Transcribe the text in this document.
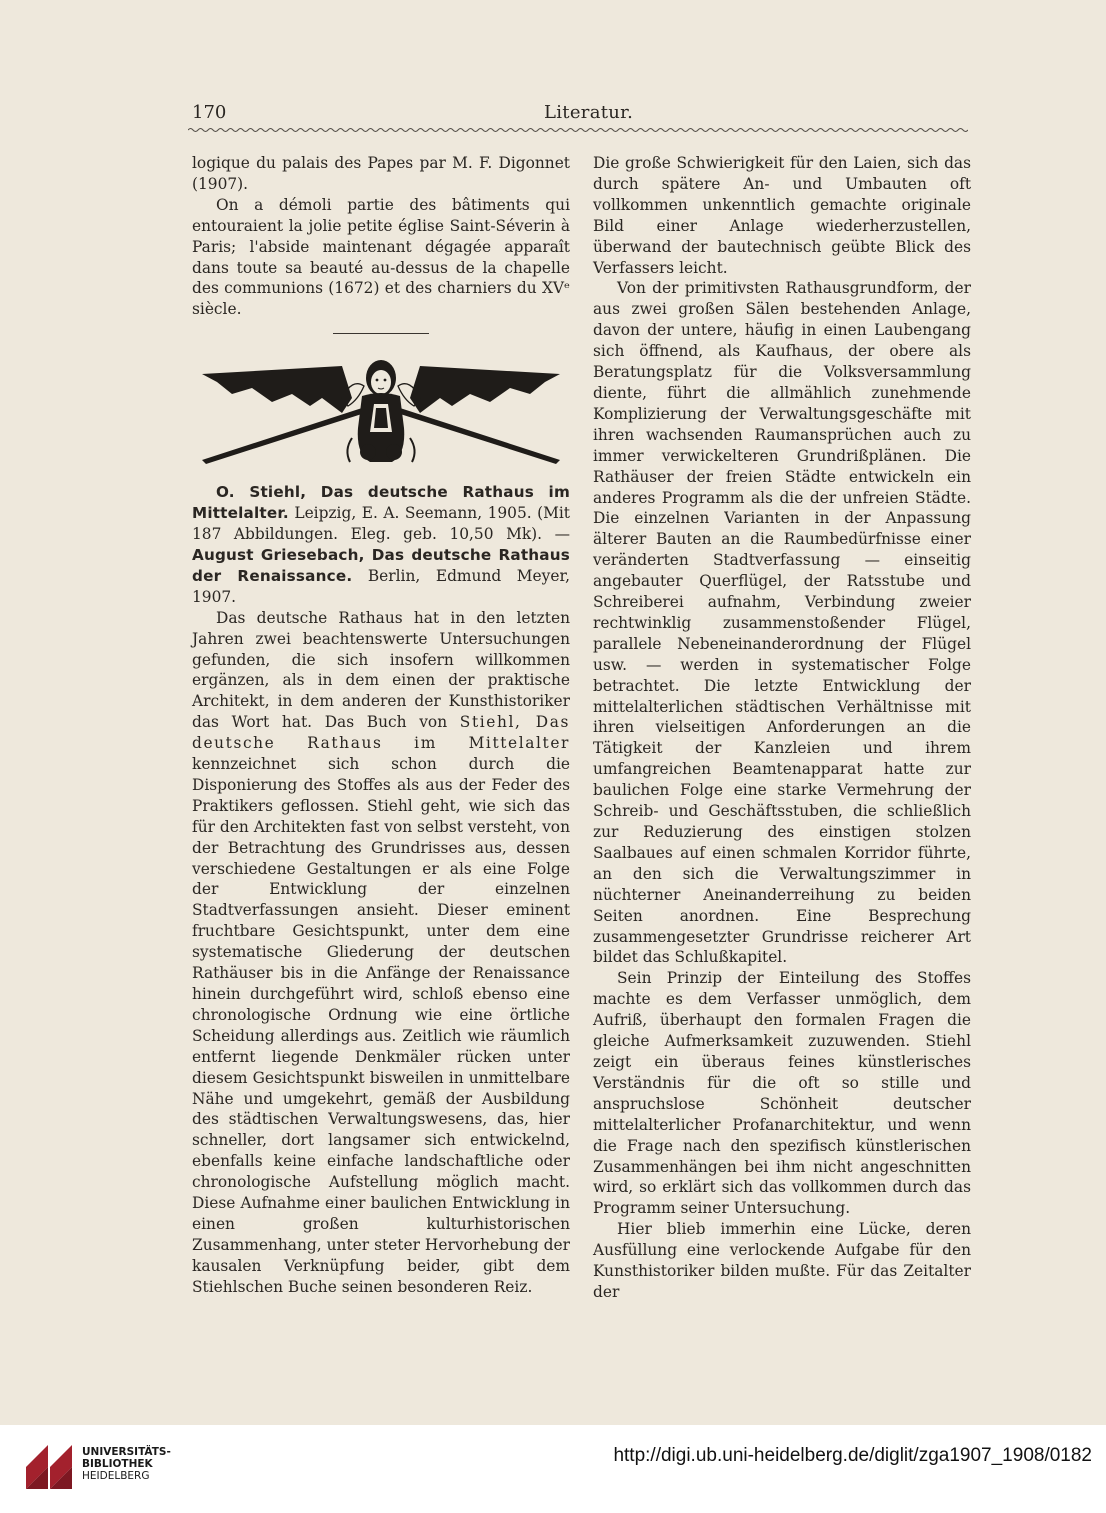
170	Literatur.

logique du palais des Papes par M. F. Digonnet (1907).

On a démoli partie des bâtiments qui entouraient la jolie petite église Saint-Séverin à Paris; l'abside maintenant dégagée apparaît dans toute sa beauté au-dessus de la chapelle des communions (1672) et des charniers du XVᵉ siècle.

O. Stiehl, Das deutsche Rathaus im Mittelalter. Leipzig, E. A. Seemann, 1905. (Mit 187 Abbildungen. Eleg. geb. 10,50 Mk). — August Griesebach, Das deutsche Rathaus der Renaissance. Berlin, Edmund Meyer, 1907.

Das deutsche Rathaus hat in den letzten Jahren zwei beachtenswerte Untersuchungen gefunden, die sich insofern willkommen ergänzen, als in dem einen der praktische Architekt, in dem anderen der Kunsthistoriker das Wort hat. Das Buch von Stiehl, Das deutsche Rathaus im Mittelalter kennzeichnet sich schon durch die Disponierung des Stoffes als aus der Feder des Praktikers geflossen. Stiehl geht, wie sich das für den Architekten fast von selbst versteht, von der Betrachtung des Grundrisses aus, dessen verschiedene Gestaltungen er als eine Folge der Entwicklung der einzelnen Stadtverfassungen ansieht. Dieser eminent fruchtbare Gesichtspunkt, unter dem eine systematische Gliederung der deutschen Rathäuser bis in die Anfänge der Renaissance hinein durchgeführt wird, schloß ebenso eine chronologische Ordnung wie eine örtliche Scheidung allerdings aus. Zeitlich wie räumlich entfernt liegende Denkmäler rücken unter diesem Gesichtspunkt bisweilen in unmittelbare Nähe und umgekehrt, gemäß der Ausbildung des städtischen Verwaltungswesens, das, hier schneller, dort langsamer sich entwickelnd, ebenfalls keine einfache landschaftliche oder chronologische Aufstellung möglich macht. Diese Aufnahme einer baulichen Entwicklung in einen großen kulturhistorischen Zusammenhang, unter steter Hervorhebung der kausalen Verknüpfung beider, gibt dem Stiehlschen Buche seinen besonderen Reiz.

Die große Schwierigkeit für den Laien, sich das durch spätere An- und Umbauten oft vollkommen unkenntlich gemachte originale Bild einer Anlage wiederherzustellen, überwand der bautechnisch geübte Blick des Verfassers leicht.

Von der primitivsten Rathausgrundform, der aus zwei großen Sälen bestehenden Anlage, davon der untere, häufig in einen Laubengang sich öffnend, als Kaufhaus, der obere als Beratungsplatz für die Volksversammlung diente, führt die allmählich zunehmende Komplizierung der Verwaltungsgeschäfte mit ihren wachsenden Raumansprüchen auch zu immer verwickelteren Grundrißplänen. Die Rathäuser der freien Städte entwickeln ein anderes Programm als die der unfreien Städte. Die einzelnen Varianten in der Anpassung älterer Bauten an die Raumbedürfnisse einer veränderten Stadtverfassung — einseitig angebauter Querflügel, der Ratsstube und Schreiberei aufnahm, Verbindung zweier rechtwinklig zusammenstoßender Flügel, parallele Nebeneinanderordnung der Flügel usw. — werden in systematischer Folge betrachtet. Die letzte Entwicklung der mittelalterlichen städtischen Verhältnisse mit ihren vielseitigen Anforderungen an die Tätigkeit der Kanzleien und ihrem umfangreichen Beamtenapparat hatte zur baulichen Folge eine starke Vermehrung der Schreib- und Geschäftsstuben, die schließlich zur Reduzierung des einstigen stolzen Saalbaues auf einen schmalen Korridor führte, an den sich die Verwaltungszimmer in nüchterner Aneinanderreihung zu beiden Seiten anordnen. Eine Besprechung zusammengesetzter Grundrisse reicherer Art bildet das Schlußkapitel.

Sein Prinzip der Einteilung des Stoffes machte es dem Verfasser unmöglich, dem Aufriß, überhaupt den formalen Fragen die gleiche Aufmerksamkeit zuzuwenden. Stiehl zeigt ein überaus feines künstlerisches Verständnis für die oft so stille und anspruchslose Schönheit deutscher mittelalterlicher Profanarchitektur, und wenn die Frage nach den spezifisch künstlerischen Zusammenhängen bei ihm nicht angeschnitten wird, so erklärt sich das vollkommen durch das Programm seiner Untersuchung.

Hier blieb immerhin eine Lücke, deren Ausfüllung eine verlockende Aufgabe für den Kunsthistoriker bilden mußte. Für das Zeitalter der

UNIVERSITÄTS-
BIBLIOTHEK
HEIDELBERG
http://digi.ub.uni-heidelberg.de/diglit/zga1907_1908/0182
